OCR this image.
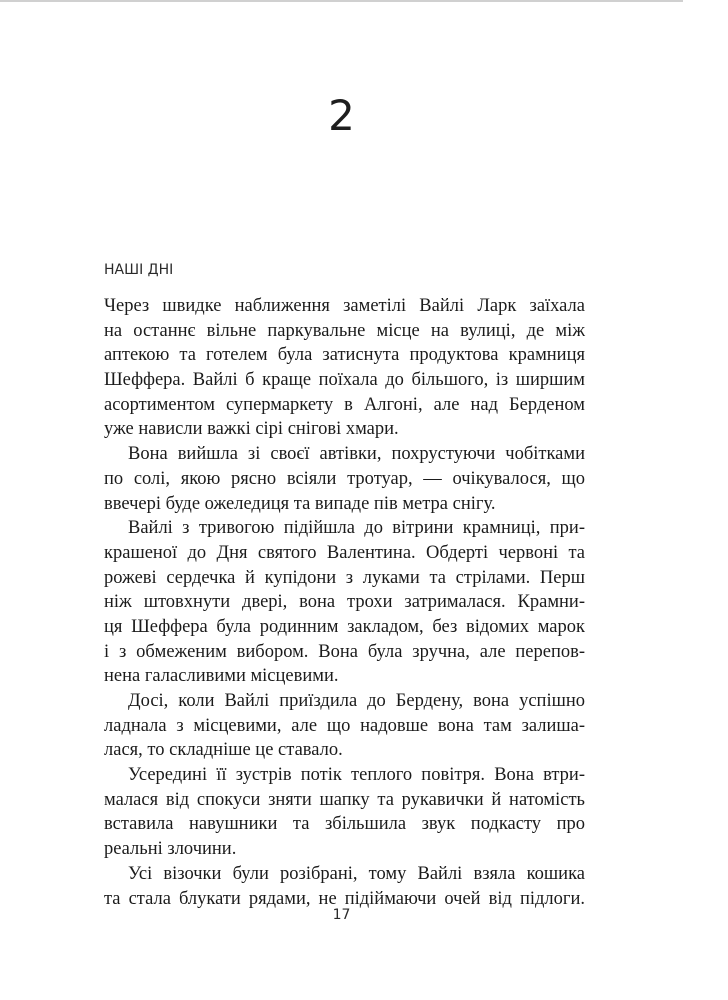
2
НАШІ ДНІ
Через швидке наближення заметілі Вайлі Ларк заїхала
на останнє вільне паркувальне місце на вулиці, де між
аптекою та готелем була затиснута продуктова крамниця
Шеффера. Вайлі б краще поїхала до більшого, із ширшим
асортиментом супермаркету в Алгоні, але над Берденом
уже нависли важкі сірі снігові хмари.
Вона вийшла зі своєї автівки, похрустуючи чобітками
по солі, якою рясно всіяли тротуар, — очікувалося, що
ввечері буде ожеледиця та випаде пів метра снігу.
Вайлі з тривогою підійшла до вітрини крамниці, при-
крашеної до Дня святого Валентина. Обдерті червоні та
рожеві сердечка й купідони з луками та стрілами. Перш
ніж штовхнути двері, вона трохи затрималася. Крамни-
ця Шеффера була родинним закладом, без відомих марок
і з обмеженим вибором. Вона була зручна, але перепов-
нена галасливими місцевими.
Досі, коли Вайлі приїздила до Бердену, вона успішно
ладнала з місцевими, але що надовше вона там залиша-
лася, то складніше це ставало.
Усередині її зустрів потік теплого повітря. Вона втри-
малася від спокуси зняти шапку та рукавички й натомість
вставила навушники та збільшила звук подкасту про
реальні злочини.
Усі візочки були розібрані, тому Вайлі взяла кошика
та стала блукати рядами, не підіймаючи очей від підлоги.
17
